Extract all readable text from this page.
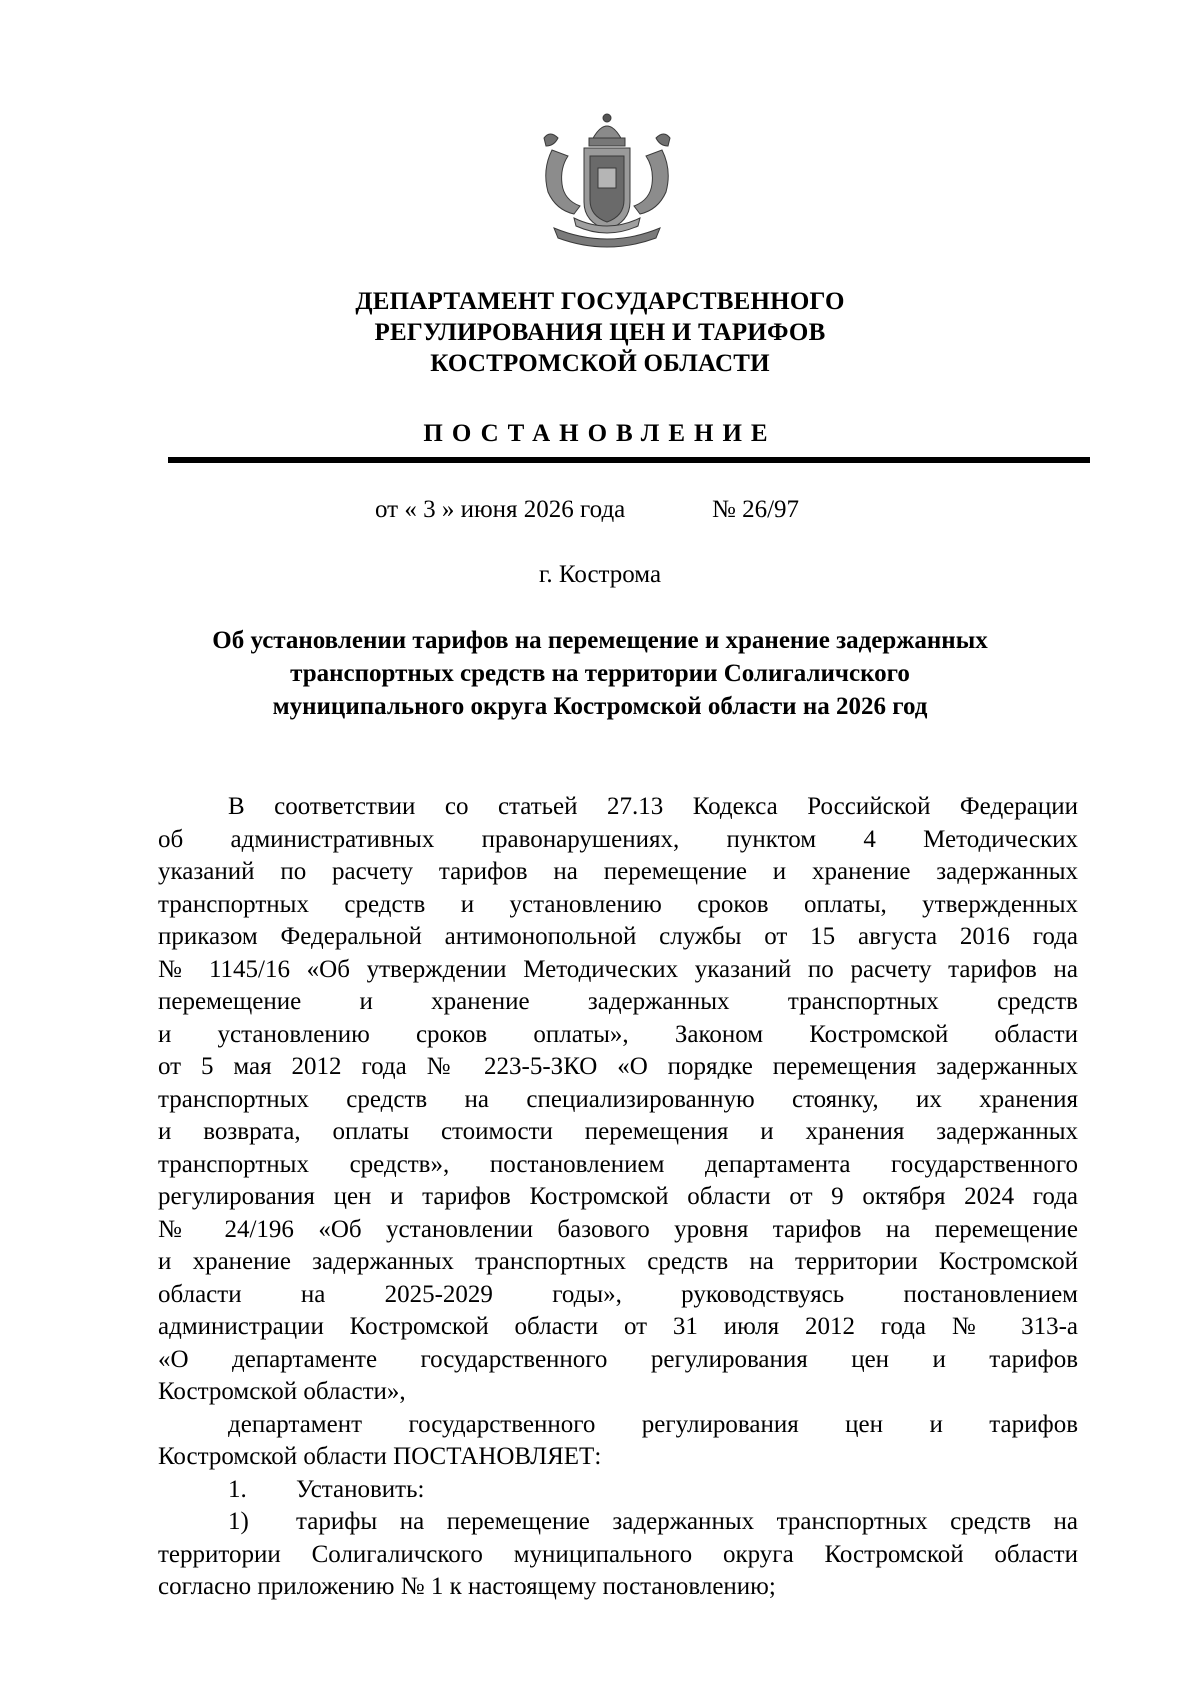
ДЕПАРТАМЕНТ ГОСУДАРСТВЕННОГО
РЕГУЛИРОВАНИЯ ЦЕН И ТАРИФОВ
КОСТРОМСКОЙ ОБЛАСТИ
ПОСТАНОВЛЕНИЕ
от « 3 » июня 2026 года	№ 26/97
г. Кострома
Об установлении тарифов на перемещение и хранение задержанных
транспортных средств на территории Солигаличского
муниципального округа Костромской области на 2026 год
В соответствии со статьей 27.13 Кодекса Российской Федерации
об административных правонарушениях, пунктом 4 Методических
указаний по расчету тарифов на перемещение и хранение задержанных
транспортных средств и установлению сроков оплаты, утвержденных
приказом Федеральной антимонопольной службы от 15 августа 2016 года
№ 1145/16 «Об утверждении Методических указаний по расчету тарифов на
перемещение и хранение задержанных транспортных средств
и установлению сроков оплаты», Законом Костромской области
от 5 мая 2012 года № 223-5-ЗКО «О порядке перемещения задержанных
транспортных средств на специализированную стоянку, их хранения
и возврата, оплаты стоимости перемещения и хранения задержанных
транспортных средств», постановлением департамента государственного
регулирования цен и тарифов Костромской области от 9 октября 2024 года
№ 24/196 «Об установлении базового уровня тарифов на перемещение
и хранение задержанных транспортных средств на территории Костромской
области на 2025-2029 годы», руководствуясь постановлением
администрации Костромской области от 31 июля 2012 года № 313-а
«О департаменте государственного регулирования цен и тарифов
Костромской области»,
департамент государственного регулирования цен и тарифов
Костромской области ПОСТАНОВЛЯЕТ:
1. Установить:
1) тарифы на перемещение задержанных транспортных средств на
территории Солигаличского муниципального округа Костромской области
согласно приложению № 1 к настоящему постановлению;
